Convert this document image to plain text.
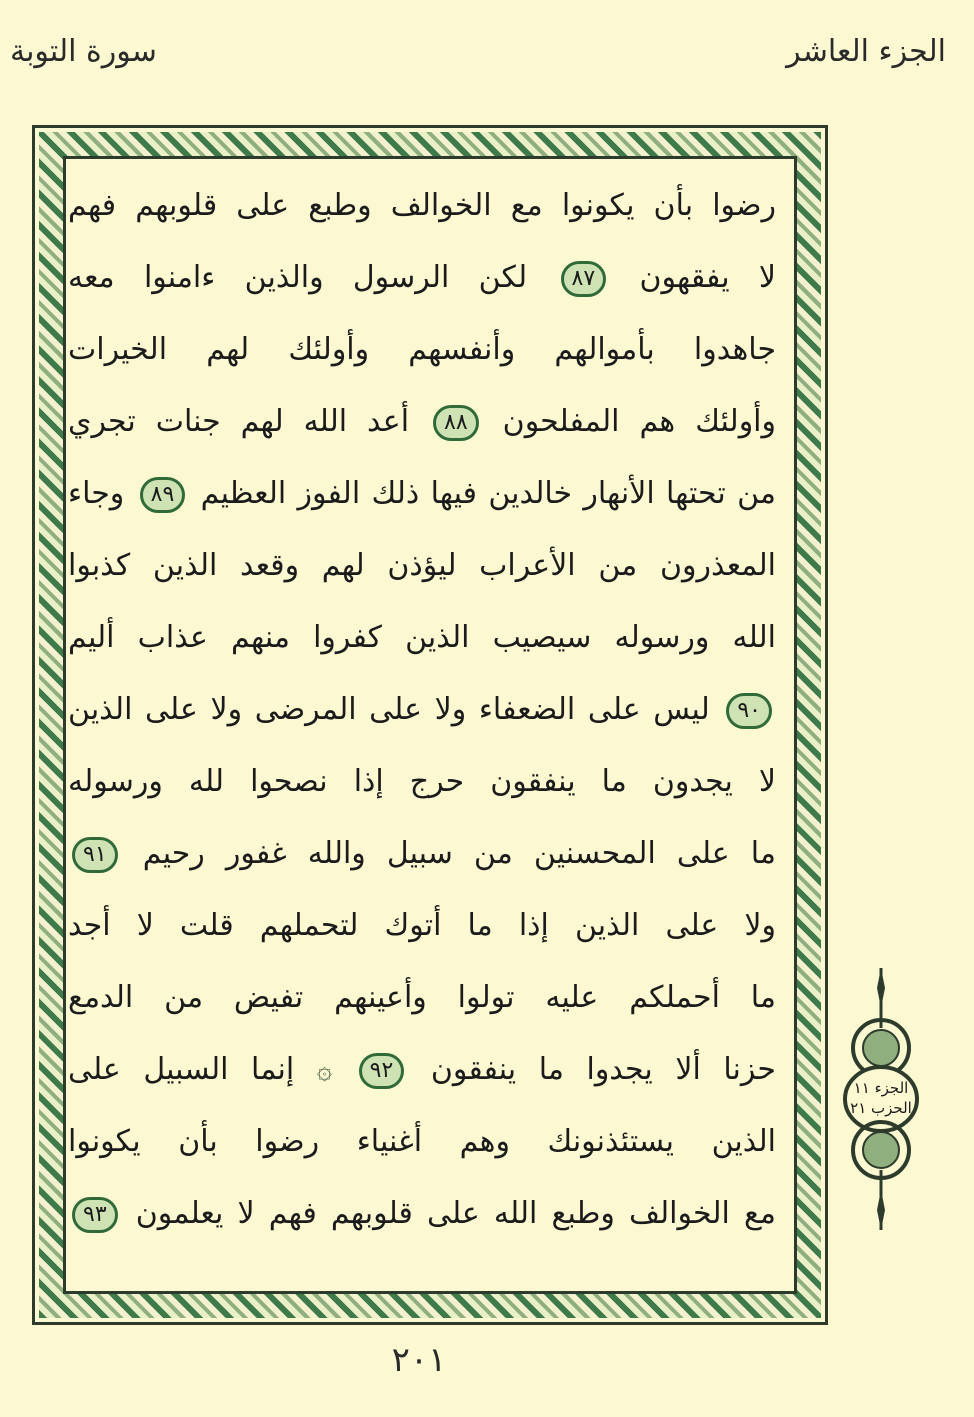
سورة التوبة	الجزء العاشر
رضوا بأن يكونوا مع الخوالف وطبع على قلوبهم فهم
لا يفقهون ٨٧ لكن الرسول والذين ءامنوا معه
جاهدوا بأموالهم وأنفسهم وأولئك لهم الخيرات
وأولئك هم المفلحون ٨٨ أعد الله لهم جنات تجري
من تحتها الأنهار خالدين فيها ذلك الفوز العظيم ٨٩ وجاء
المعذرون من الأعراب ليؤذن لهم وقعد الذين كذبوا
الله ورسوله سيصيب الذين كفروا منهم عذاب أليم
٩٠ ليس على الضعفاء ولا على المرضى ولا على الذين
لا يجدون ما ينفقون حرج إذا نصحوا لله ورسوله
ما على المحسنين من سبيل والله غفور رحيم ٩١
ولا على الذين إذا ما أتوك لتحملهم قلت لا أجد
ما أحملكم عليه تولوا وأعينهم تفيض من الدمع
حزنا ألا يجدوا ما ينفقون ٩٢ ۞ إنما السبيل على
الذين يستئذنونك وهم أغنياء رضوا بأن يكونوا
مع الخوالف وطبع الله على قلوبهم فهم لا يعلمون ٩٣
الجزء ١١
الحزب ٢١
٢٠١
